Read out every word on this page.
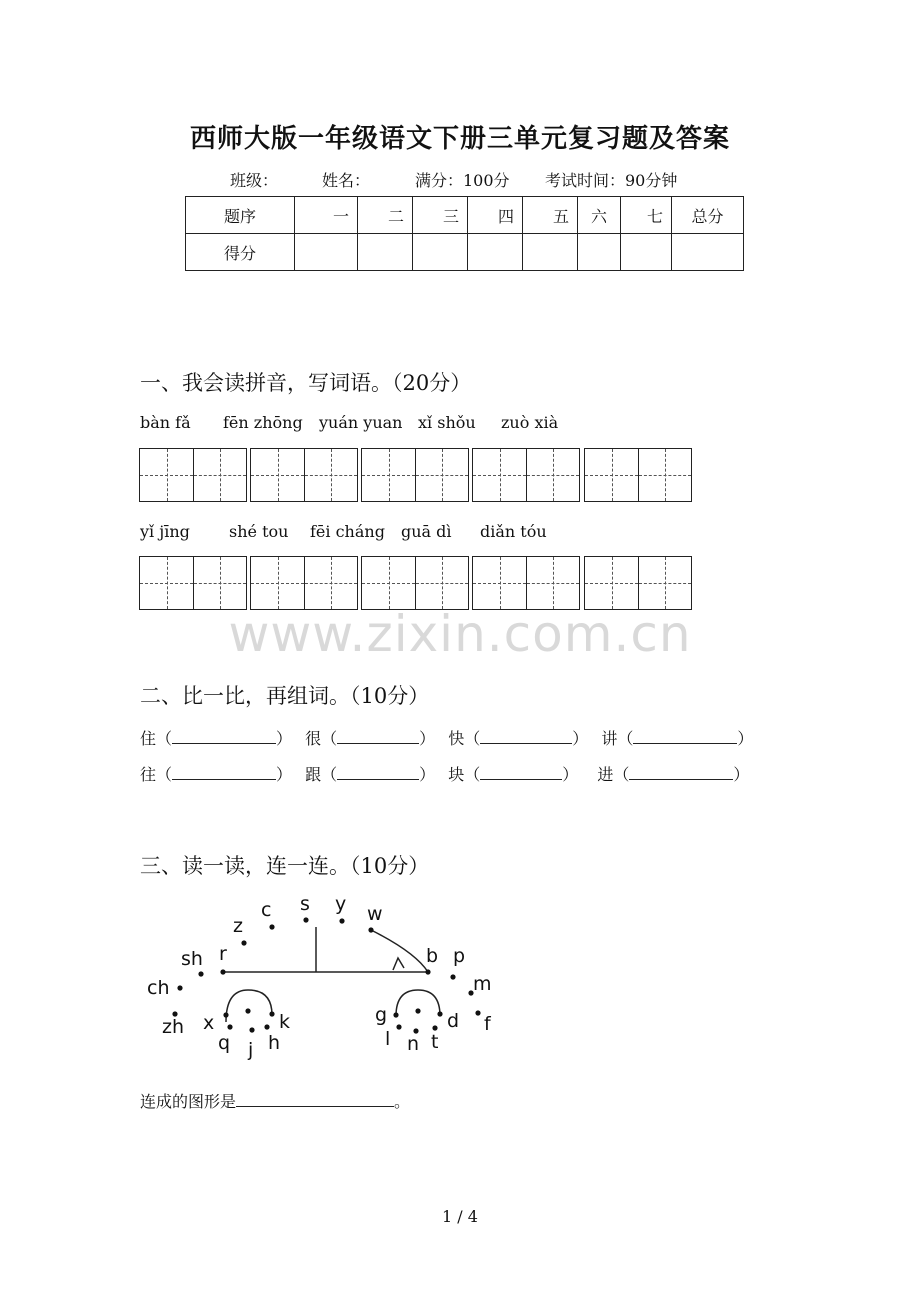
西师大版一年级语文下册三单元复习题及答案
班级：	姓名：	满分：100分 考试时间：90分钟
题序	一	二	三	四	五	六	七	总分
得分								
一、我会读拼音，写词语。（20分）
bàn fǎ fēn zhōng yuán yuan xǐ shǒu zuò xià
yǐ jīng shé tou fēi cháng guā dì diǎn tóu
www.zixin.com.cn
二、比一比，再组词。（10分）
住（	） 很（	） 快（	） 讲（	）
往（	） 跟（	） 块（	） 进（	）
三、读一读，连一连。（10分）
s y
c	w
z
r	b p
sh
m
ch
g	d f
zh x	k
l n t
q j h
连成的图形是	。
1 / 4
